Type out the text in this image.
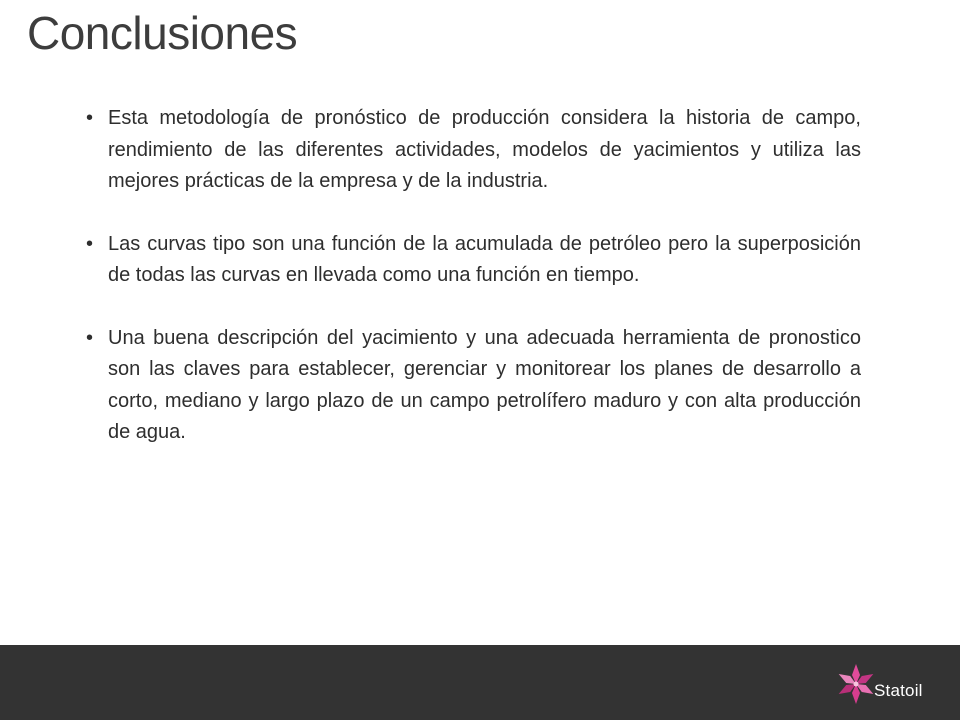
Conclusiones
• Esta metodología de pronóstico de producción considera la historia de campo, rendimiento de las diferentes actividades, modelos de yacimientos y utiliza las mejores prácticas de la empresa y de la industria.
• Las curvas tipo son una función de la acumulada de petróleo pero la superposición de todas las curvas en llevada como una función en tiempo.
• Una buena descripción del yacimiento y una adecuada herramienta de pronostico son las claves para establecer, gerenciar y monitorear los planes de desarrollo a corto, mediano y largo plazo de un campo petrolífero maduro y con alta producción de agua.
Statoil
